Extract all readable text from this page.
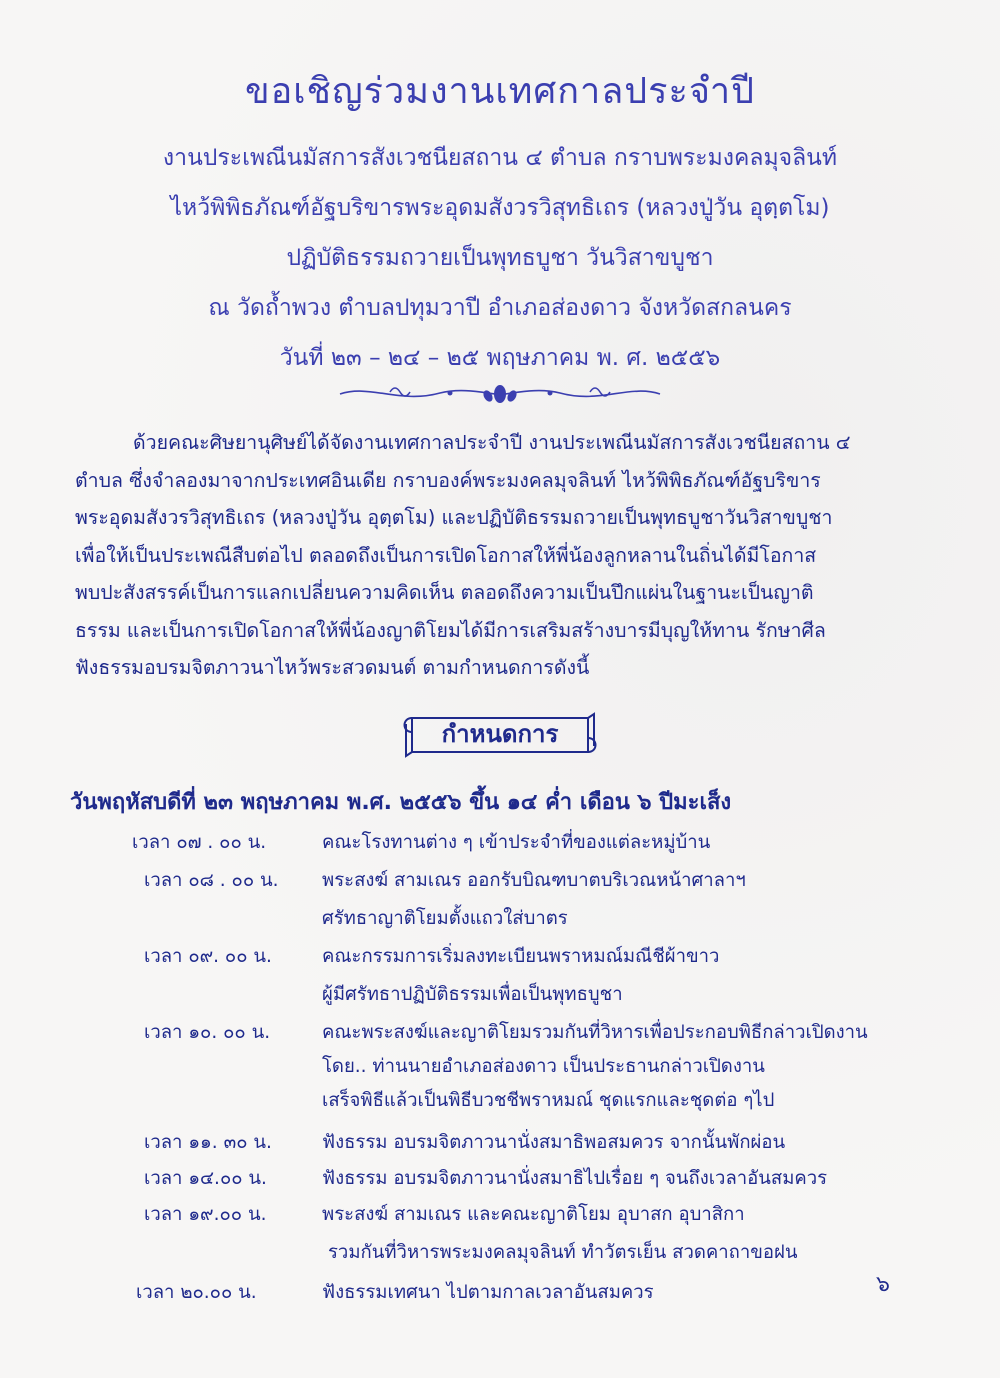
ขอเชิญร่วมงานเทศกาลประจำปี
งานประเพณีนมัสการสังเวชนียสถาน ๔ ตำบล กราบพระมงคลมุจลินท์
ไหว้พิพิธภัณฑ์อัฐบริขารพระอุดมสังวรวิสุทธิเถร (หลวงปู่วัน อุตฺตโม)
ปฏิบัติธรรมถวายเป็นพุทธบูชา วันวิสาขบูชา
ณ วัดถ้ำพวง ตำบลปทุมวาปี อำเภอส่องดาว จังหวัดสกลนคร
วันที่ ๒๓ – ๒๔ – ๒๕ พฤษภาคม พ. ศ. ๒๕๕๖
ด้วยคณะศิษยานุศิษย์ได้จัดงานเทศกาลประจำปี งานประเพณีนมัสการสังเวชนียสถาน ๔
ตำบล ซึ่งจำลองมาจากประเทศอินเดีย กราบองค์พระมงคลมุจลินท์ ไหว้พิพิธภัณฑ์อัฐบริขาร
พระอุดมสังวรวิสุทธิเถร (หลวงปู่วัน อุตฺตโม) และปฏิบัติธรรมถวายเป็นพุทธบูชาวันวิสาขบูชา
เพื่อให้เป็นประเพณีสืบต่อไป ตลอดถึงเป็นการเปิดโอกาสให้พี่น้องลูกหลานในถิ่นได้มีโอกาส
พบปะสังสรรค์เป็นการแลกเปลี่ยนความคิดเห็น ตลอดถึงความเป็นปึกแผ่นในฐานะเป็นญาติ
ธรรม และเป็นการเปิดโอกาสให้พี่น้องญาติโยมได้มีการเสริมสร้างบารมีบุญให้ทาน รักษาศีล
ฟังธรรมอบรมจิตภาวนาไหว้พระสวดมนต์ ตามกำหนดการดังนี้
กำหนดการ
วันพฤหัสบดีที่ ๒๓ พฤษภาคม พ.ศ. ๒๕๕๖ ขึ้น ๑๔ ค่ำ เดือน ๖ ปีมะเส็ง
เวลา ๐๗ . ๐๐ น.	คณะโรงทานต่าง ๆ เข้าประจำที่ของแต่ละหมู่บ้าน
เวลา ๐๘ . ๐๐ น. พระสงฆ์ สามเณร ออกรับบิณฑบาตบริเวณหน้าศาลาฯ
ศรัทธาญาติโยมตั้งแถวใส่บาตร
เวลา ๐๙. ๐๐ น.	คณะกรรมการเริ่มลงทะเบียนพราหมณ์มณีชีผ้าขาว
ผู้มีศรัทธาปฏิบัติธรรมเพื่อเป็นพุทธบูชา
เวลา ๑๐. ๐๐ น.	คณะพระสงฆ์และญาติโยมรวมกันที่วิหารเพื่อประกอบพิธีกล่าวเปิดงาน
โดย.. ท่านนายอำเภอส่องดาว เป็นประธานกล่าวเปิดงาน
เสร็จพิธีแล้วเป็นพิธีบวชชีพราหมณ์ ชุดแรกและชุดต่อ ๆไป
เวลา ๑๑. ๓๐ น.	ฟังธรรม อบรมจิตภาวนานั่งสมาธิพอสมควร จากนั้นพักผ่อน
เวลา ๑๔.๐๐ น.	ฟังธรรม อบรมจิตภาวนานั่งสมาธิไปเรื่อย ๆ จนถึงเวลาอันสมควร
เวลา ๑๙.๐๐ น.	พระสงฆ์ สามเณร และคณะญาติโยม อุบาสก อุบาสิกา
รวมกันที่วิหารพระมงคลมุจลินท์ ทำวัตรเย็น สวดคาถาขอฝน
เวลา ๒๐.๐๐ น.	ฟังธรรมเทศนา ไปตามกาลเวลาอันสมควร	๖
